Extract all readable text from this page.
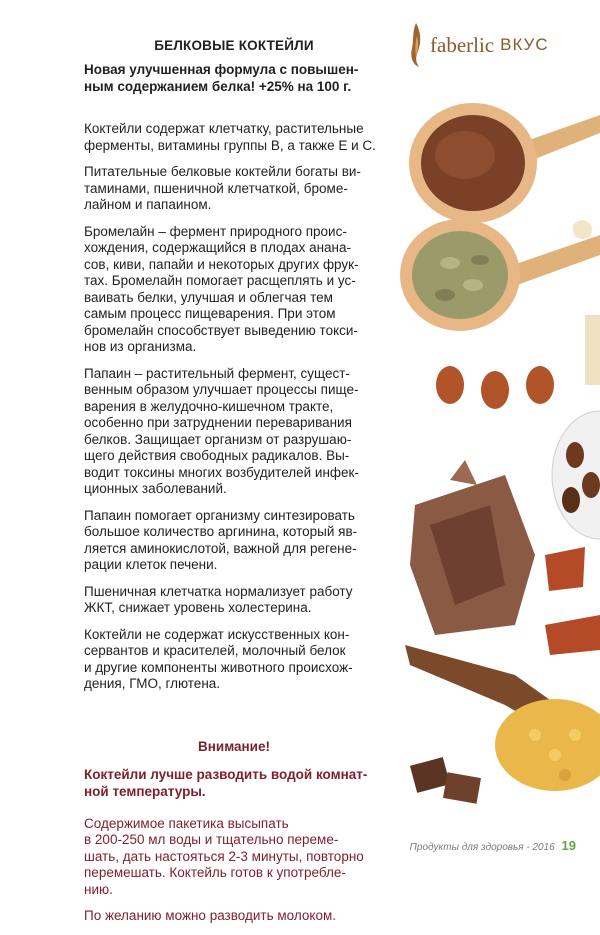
faberlic ВКУС
БЕЛКОВЫЕ КОКТЕЙЛИ
Новая улучшенная формула с повышен-
ным содержанием белка! +25% на 100 г.
Коктейли содержат клетчатку, растительные
ферменты, витамины группы В, а также Е и С.
Питательные белковые коктейли богаты ви-
таминами, пшеничной клетчаткой, броме-
лайном и папаином.
Бромелайн – фермент природного проис-
хождения, содержащийся в плодах анана-
сов, киви, папайи и некоторых других фрук-
тах. Бромелайн помогает расщеплять и ус-
ваивать белки, улучшая и облегчая тем
самым процесс пищеварения. При этом
бромелайн способствует выведению токси-
нов из организма.
Папаин – растительный фермент, сущест-
венным образом улучшает процессы пище-
варения в желудочно-кишечном тракте,
особенно при затруднении переваривания
белков. Защищает организм от разрушаю-
щего действия свободных радикалов. Вы-
водит токсины многих возбудителей инфек-
ционных заболеваний.
Папаин помогает организму синтезировать
большое количество аргинина, который яв-
ляется аминокислотой, важной для регене-
рации клеток печени.
Пшеничная клетчатка нормализует работу
ЖКТ, снижает уровень холестерина.
Коктейли не содержат искусственных кон-
сервантов и красителей, молочный белок
и другие компоненты животного происхож-
дения, ГМО, глютена.
Внимание!
Коктейли лучше разводить водой комнат-
ной температуры.
Содержимое пакетика высыпать
в 200-250 мл воды и тщательно переме-
шать, дать настояться 2-3 минуты, повторно
перемешать. Коктейль готов к употребле-
нию.
По желанию можно разводить молоком.
Продукты для здоровья - 2016 19
